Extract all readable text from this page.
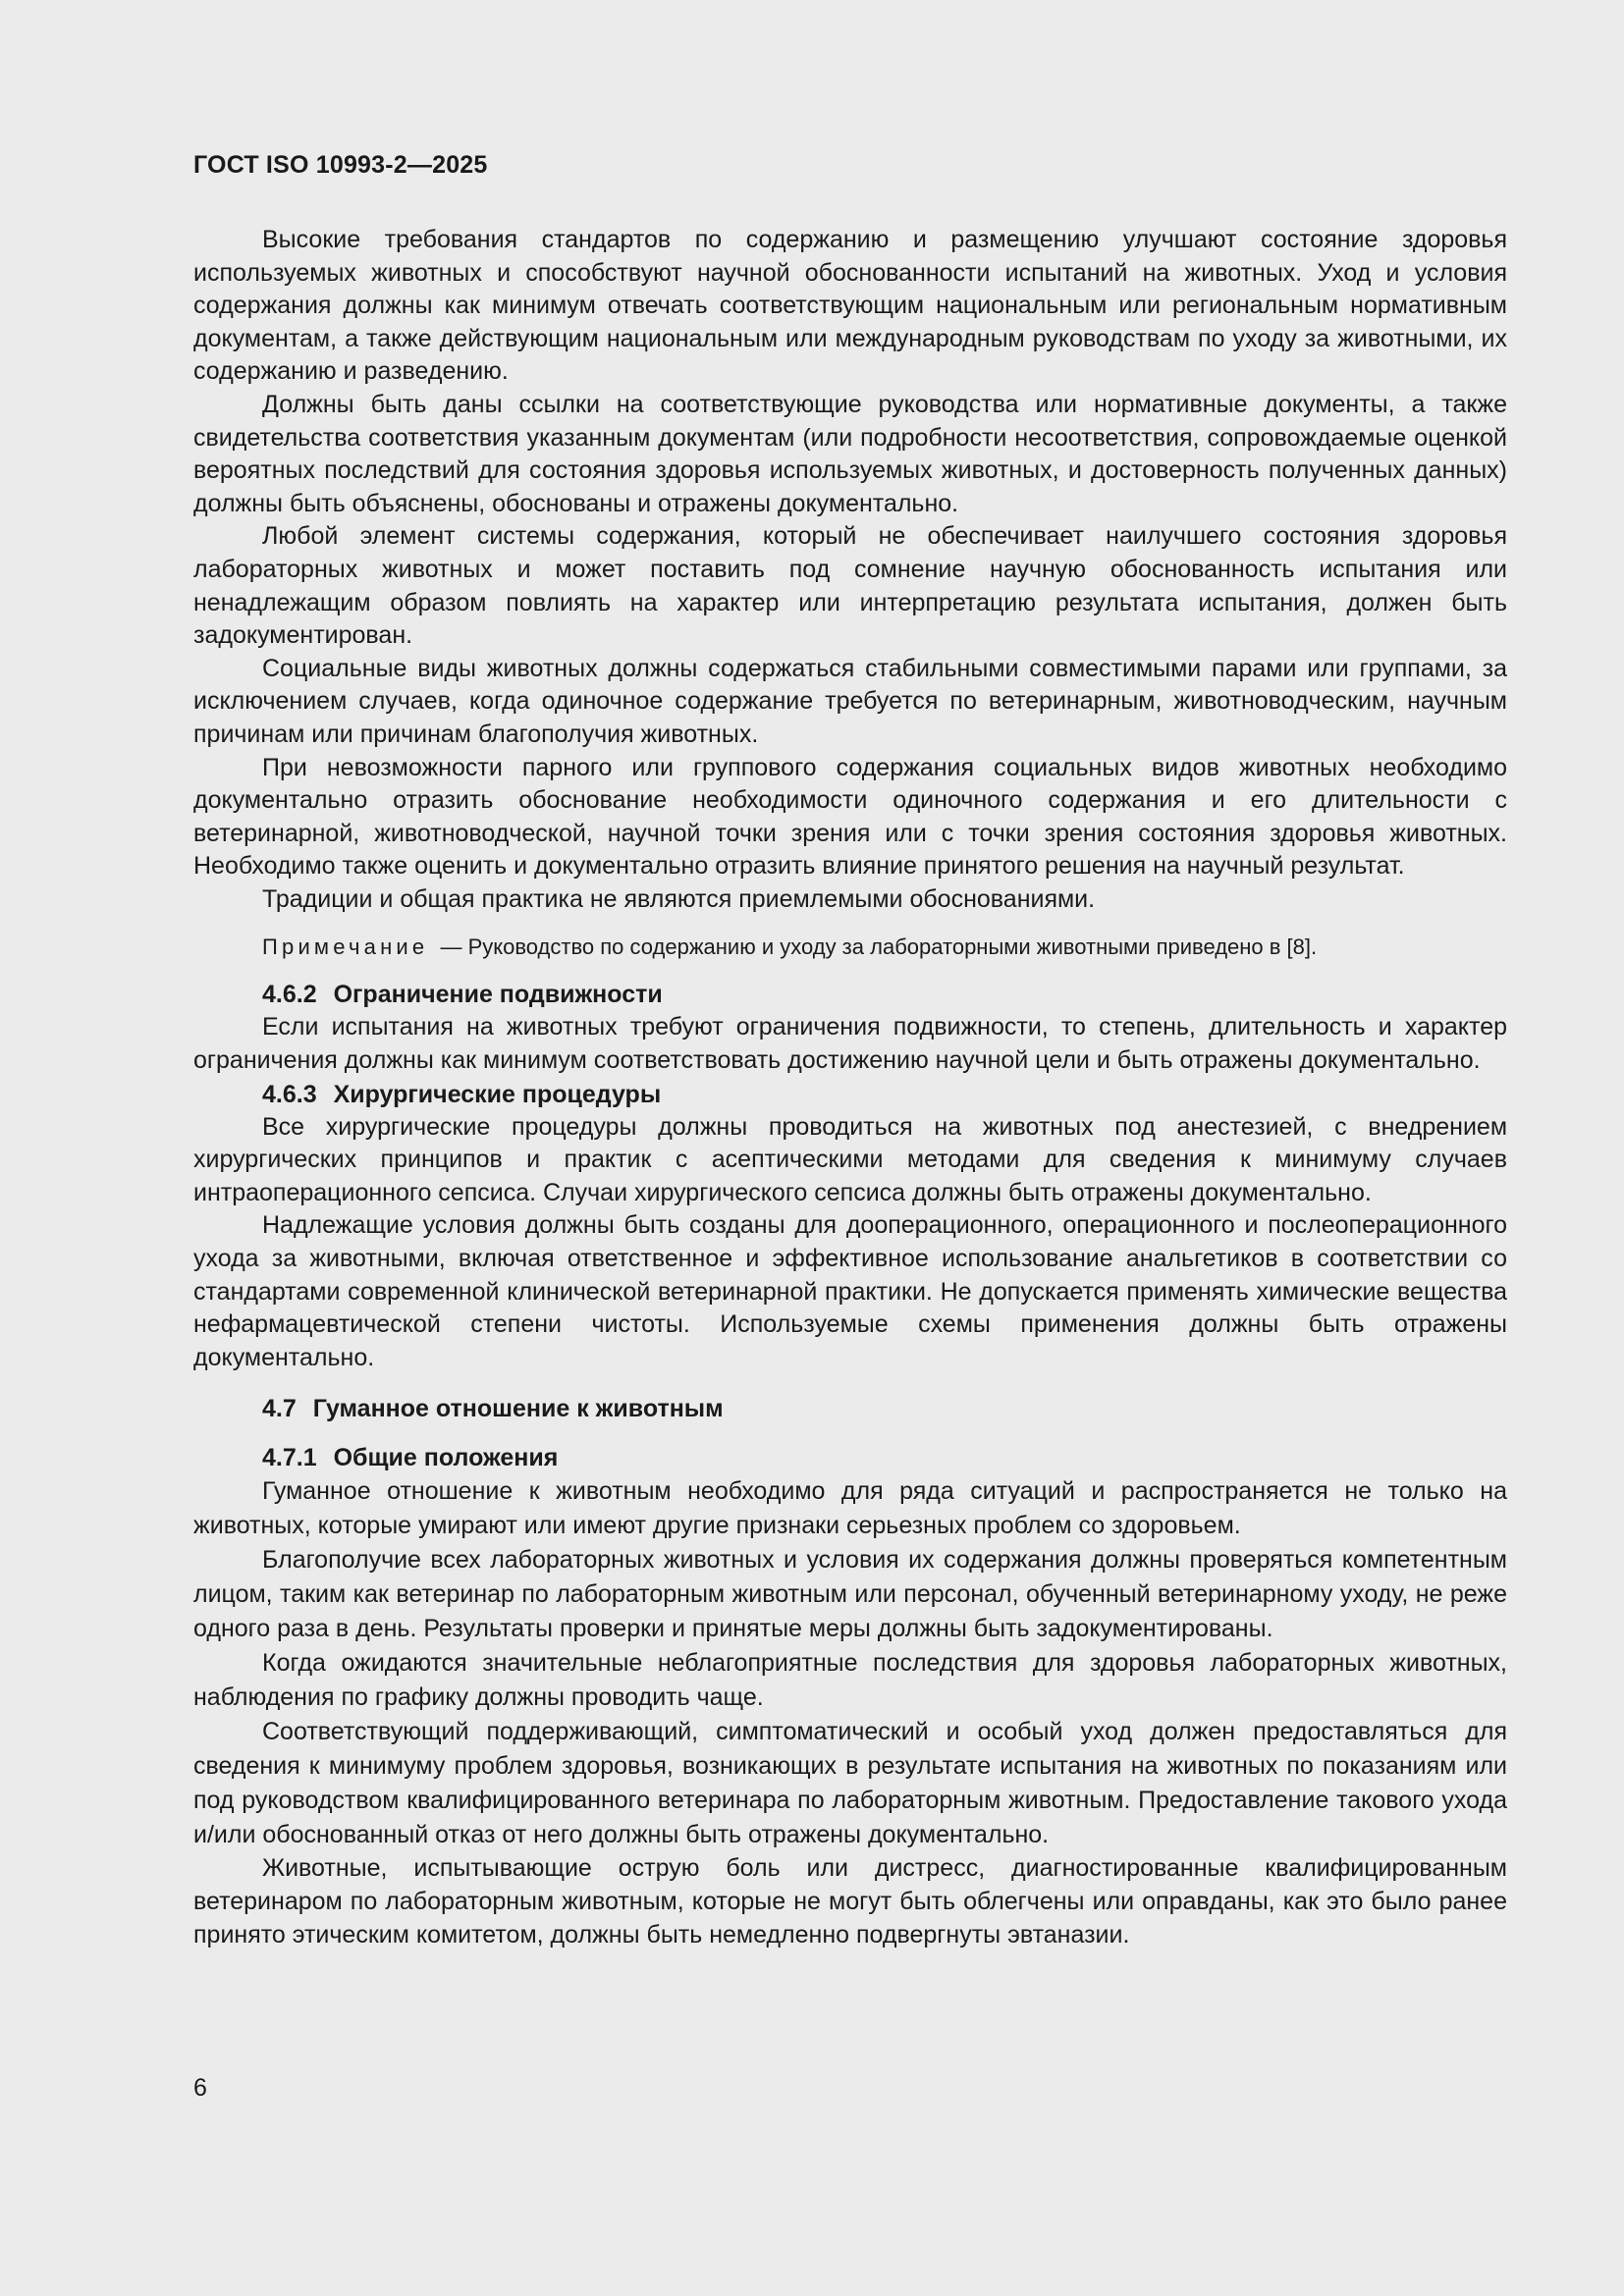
ГОСТ ISO 10993-2—2025

Высокие требования стандартов по содержанию и размещению улучшают состояние здоровья используемых животных и способствуют научной обоснованности испытаний на животных. Уход и условия содержания должны как минимум отвечать соответствующим национальным или региональным нормативным документам, а также действующим национальным или международным руководствам по уходу за животными, их содержанию и разведению.

Должны быть даны ссылки на соответствующие руководства или нормативные документы, а также свидетельства соответствия указанным документам (или подробности несоответствия, сопровождаемые оценкой вероятных последствий для состояния здоровья используемых животных, и достоверность полученных данных) должны быть объяснены, обоснованы и отражены документально.

Любой элемент системы содержания, который не обеспечивает наилучшего состояния здоровья лабораторных животных и может поставить под сомнение научную обоснованность испытания или ненадлежащим образом повлиять на характер или интерпретацию результата испытания, должен быть задокументирован.

Социальные виды животных должны содержаться стабильными совместимыми парами или группами, за исключением случаев, когда одиночное содержание требуется по ветеринарным, животноводческим, научным причинам или причинам благополучия животных.

При невозможности парного или группового содержания социальных видов животных необходимо документально отразить обоснование необходимости одиночного содержания и его длительности с ветеринарной, животноводческой, научной точки зрения или с точки зрения состояния здоровья животных. Необходимо также оценить и документально отразить влияние принятого решения на научный результат.

Традиции и общая практика не являются приемлемыми обоснованиями.

Примечание — Руководство по содержанию и уходу за лабораторными животными приведено в [8].
4.6.2 Ограничение подвижности

Если испытания на животных требуют ограничения подвижности, то степень, длительность и характер ограничения должны как минимум соответствовать достижению научной цели и быть отражены документально.

4.6.3 Хирургические процедуры

Все хирургические процедуры должны проводиться на животных под анестезией, с внедрением хирургических принципов и практик с асептическими методами для сведения к минимуму случаев интраоперационного сепсиса. Случаи хирургического сепсиса должны быть отражены документально.

Надлежащие условия должны быть созданы для дооперационного, операционного и послеоперационного ухода за животными, включая ответственное и эффективное использование анальгетиков в соответствии со стандартами современной клинической ветеринарной практики. Не допускается применять химические вещества нефармацевтической степени чистоты. Используемые схемы применения должны быть отражены документально.

4.7 Гуманное отношение к животным
4.7.1 Общие положения

Гуманное отношение к животным необходимо для ряда ситуаций и распространяется не только на животных, которые умирают или имеют другие признаки серьезных проблем со здоровьем.

Благополучие всех лабораторных животных и условия их содержания должны проверяться компетентным лицом, таким как ветеринар по лабораторным животным или персонал, обученный ветеринарному уходу, не реже одного раза в день. Результаты проверки и принятые меры должны быть задокументированы.

Когда ожидаются значительные неблагоприятные последствия для здоровья лабораторных животных, наблюдения по графику должны проводить чаще.

Соответствующий поддерживающий, симптоматический и особый уход должен предоставляться для сведения к минимуму проблем здоровья, возникающих в результате испытания на животных по показаниям или под руководством квалифицированного ветеринара по лабораторным животным. Предоставление такового ухода и/или обоснованный отказ от него должны быть отражены документально.

Животные, испытывающие острую боль или дистресс, диагностированные квалифицированным ветеринаром по лабораторным животным, которые не могут быть облегчены или оправданы, как это было ранее принято этическим комитетом, должны быть немедленно подвергнуты эвтаназии.

6
